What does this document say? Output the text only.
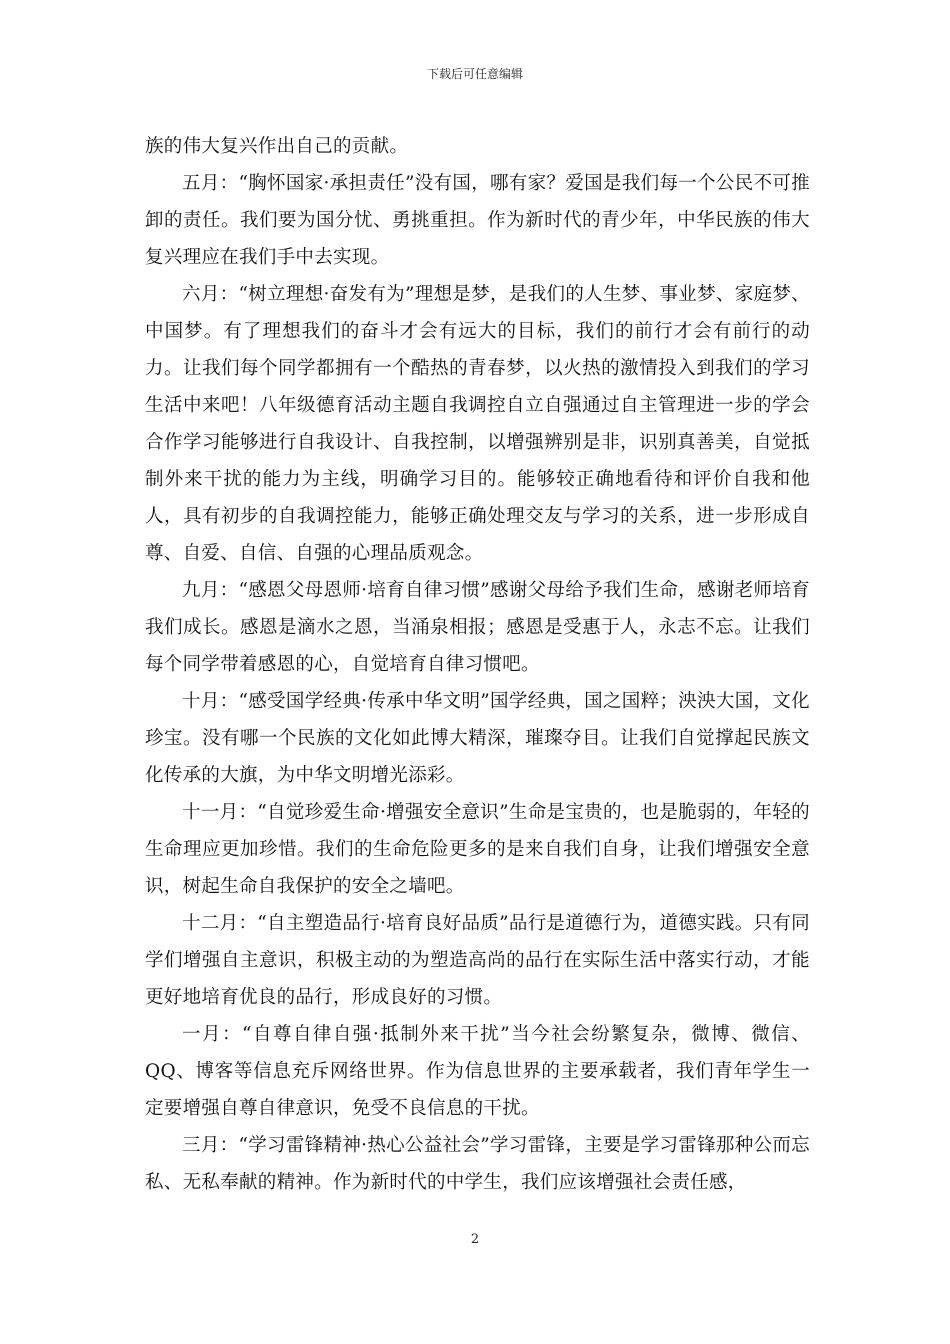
下载后可任意编辑

族的伟大复兴作出自己的贡献。

五月：“胸怀国家·承担责任”没有国，哪有家？爱国是我们每一个公民不可推卸的责任。我们要为国分忧、勇挑重担。作为新时代的青少年，中华民族的伟大复兴理应在我们手中去实现。

六月：“树立理想·奋发有为”理想是梦，是我们的人生梦、事业梦、家庭梦、中国梦。有了理想我们的奋斗才会有远大的目标，我们的前行才会有前行的动力。让我们每个同学都拥有一个酷热的青春梦，以火热的激情投入到我们的学习生活中来吧！八年级德育活动主题自我调控自立自强通过自主管理进一步的学会合作学习能够进行自我设计、自我控制，以增强辨别是非，识别真善美，自觉抵制外来干扰的能力为主线，明确学习目的。能够较正确地看待和评价自我和他人，具有初步的自我调控能力，能够正确处理交友与学习的关系，进一步形成自尊、自爱、自信、自强的心理品质观念。

九月：“感恩父母恩师·培育自律习惯”感谢父母给予我们生命，感谢老师培育我们成长。感恩是滴水之恩，当涌泉相报；感恩是受惠于人，永志不忘。让我们每个同学带着感恩的心，自觉培育自律习惯吧。

十月：“感受国学经典·传承中华文明”国学经典，国之国粹；泱泱大国，文化珍宝。没有哪一个民族的文化如此博大精深，璀璨夺目。让我们自觉撑起民族文化传承的大旗，为中华文明增光添彩。

十一月：“自觉珍爱生命·增强安全意识”生命是宝贵的，也是脆弱的，年轻的生命理应更加珍惜。我们的生命危险更多的是来自我们自身，让我们增强安全意识，树起生命自我保护的安全之墙吧。

十二月：“自主塑造品行·培育良好品质”品行是道德行为，道德实践。只有同学们增强自主意识，积极主动的为塑造高尚的品行在实际生活中落实行动，才能更好地培育优良的品行，形成良好的习惯。

一月：“自尊自律自强·抵制外来干扰”当今社会纷繁复杂，微博、微信、QQ、博客等信息充斥网络世界。作为信息世界的主要承载者，我们青年学生一定要增强自尊自律意识，免受不良信息的干扰。

三月：“学习雷锋精神·热心公益社会”学习雷锋，主要是学习雷锋那种公而忘私、无私奉献的精神。作为新时代的中学生，我们应该增强社会责任感，

2
